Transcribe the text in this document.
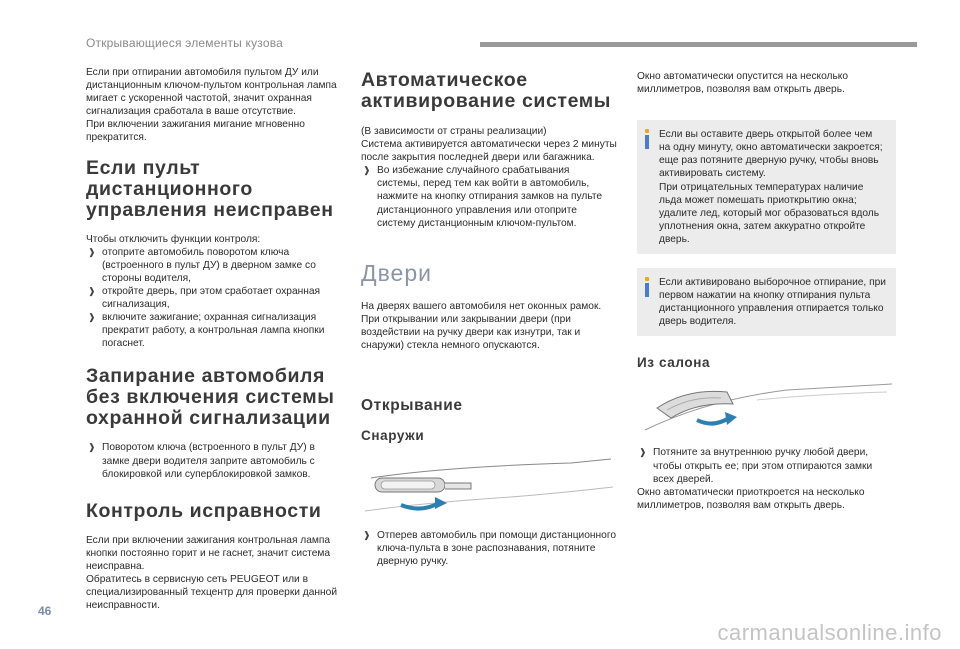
Открывающиеся элементы кузова

Если при отпирании автомобиля пультом ДУ или

дистанционным ключом-пультом контрольная лампа

мигает с ускоренной частотой, значит охранная

сигнализация сработала в ваше отсутствие.

При включении зажигания мигание мгновенно

прекратится.

Если пульт
дистанционного
управления неисправен

Чтобы отключить функции контроля:

❱ отоприте автомобиль поворотом ключа
(встроенного в пульт ДУ) в дверном замке со
стороны водителя,
❱ откройте дверь, при этом сработает охранная
сигнализация,
❱ включите зажигание; охранная сигнализация
прекратит работу, а контрольная лампа кнопки
погаснет.
Запирание автомобиля
без включения системы
охранной сигнализации
❱ Поворотом ключа (встроенного в пульт ДУ) в
замке двери водителя заприте автомобиль с
блокировкой или суперблокировкой замков.
Контроль исправности

Если при включении зажигания контрольная лампа

кнопки постоянно горит и не гаснет, значит система

неисправна.

Обратитесь в сервисную сеть PEUGEOT или в

специализированный техцентр для проверки данной

неисправности.

Автоматическое
активирование системы

(В зависимости от страны реализации)

Система активируется автоматически через 2 минуты

после закрытия последней двери или багажника.

❱ Во избежание случайного срабатывания
системы, перед тем как войти в автомобиль,
нажмите на кнопку отпирания замков на пульте
дистанционного управления или отоприте
систему дистанционным ключом-пультом.
Двери

На дверях вашего автомобиля нет оконных рамок.

При открывании или закрывании двери (при

воздействии на ручку двери как изнутри, так и

снаружи) стекла немного опускаются.

Открывание
Снаружи
❱ Отперев автомобиль при помощи дистанционного
ключа-пульта в зоне распознавания, потяните
дверную ручку.

Окно автоматически опустится на несколько

миллиметров, позволяя вам открыть дверь.

Если вы оставите дверь открытой более чем

на одну минуту, окно автоматически закроется;

еще раз потяните дверную ручку, чтобы вновь

активировать систему.

При отрицательных температурах наличие

льда может помешать приоткрытию окна;

удалите лед, который мог образоваться вдоль

уплотнения окна, затем аккуратно откройте

дверь.

Если активировано выборочное отпирание, при

первом нажатии на кнопку отпирания пульта

дистанционного управления отпирается только

дверь водителя.

Из салона
❱ Потяните за внутреннюю ручку любой двери,
чтобы открыть ее; при этом отпираются замки
всех дверей.

Окно автоматически приоткроется на несколько

миллиметров, позволяя вам открыть дверь.

46
carmanualsonline.info
